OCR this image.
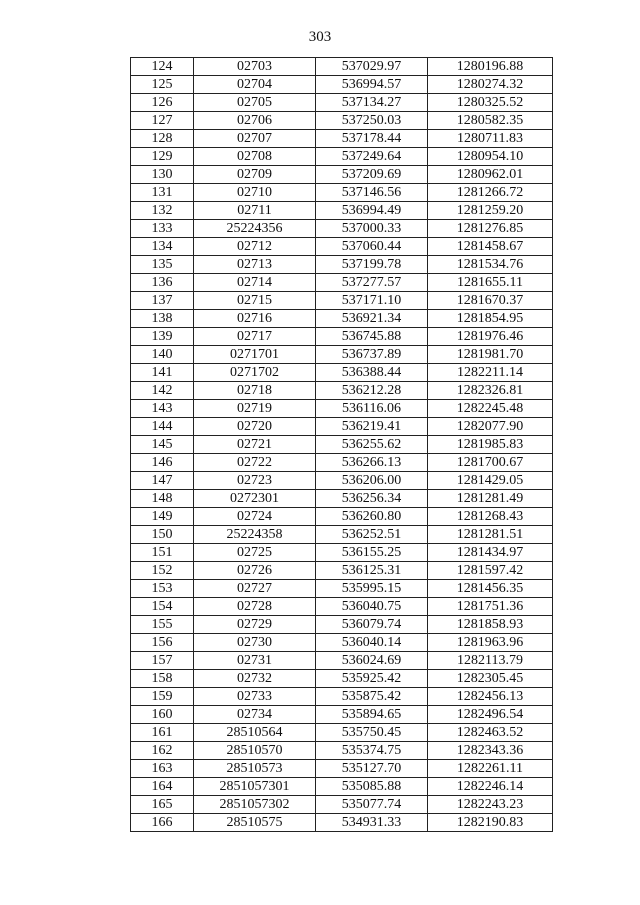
303
124	02703	537029.97	1280196.88
125	02704	536994.57	1280274.32
126	02705	537134.27	1280325.52
127	02706	537250.03	1280582.35
128	02707	537178.44	1280711.83
129	02708	537249.64	1280954.10
130	02709	537209.69	1280962.01
131	02710	537146.56	1281266.72
132	02711	536994.49	1281259.20
133	25224356	537000.33	1281276.85
134	02712	537060.44	1281458.67
135	02713	537199.78	1281534.76
136	02714	537277.57	1281655.11
137	02715	537171.10	1281670.37
138	02716	536921.34	1281854.95
139	02717	536745.88	1281976.46
140	0271701	536737.89	1281981.70
141	0271702	536388.44	1282211.14
142	02718	536212.28	1282326.81
143	02719	536116.06	1282245.48
144	02720	536219.41	1282077.90
145	02721	536255.62	1281985.83
146	02722	536266.13	1281700.67
147	02723	536206.00	1281429.05
148	0272301	536256.34	1281281.49
149	02724	536260.80	1281268.43
150	25224358	536252.51	1281281.51
151	02725	536155.25	1281434.97
152	02726	536125.31	1281597.42
153	02727	535995.15	1281456.35
154	02728	536040.75	1281751.36
155	02729	536079.74	1281858.93
156	02730	536040.14	1281963.96
157	02731	536024.69	1282113.79
158	02732	535925.42	1282305.45
159	02733	535875.42	1282456.13
160	02734	535894.65	1282496.54
161	28510564	535750.45	1282463.52
162	28510570	535374.75	1282343.36
163	28510573	535127.70	1282261.11
164	2851057301	535085.88	1282246.14
165	2851057302	535077.74	1282243.23
166	28510575	534931.33	1282190.83
